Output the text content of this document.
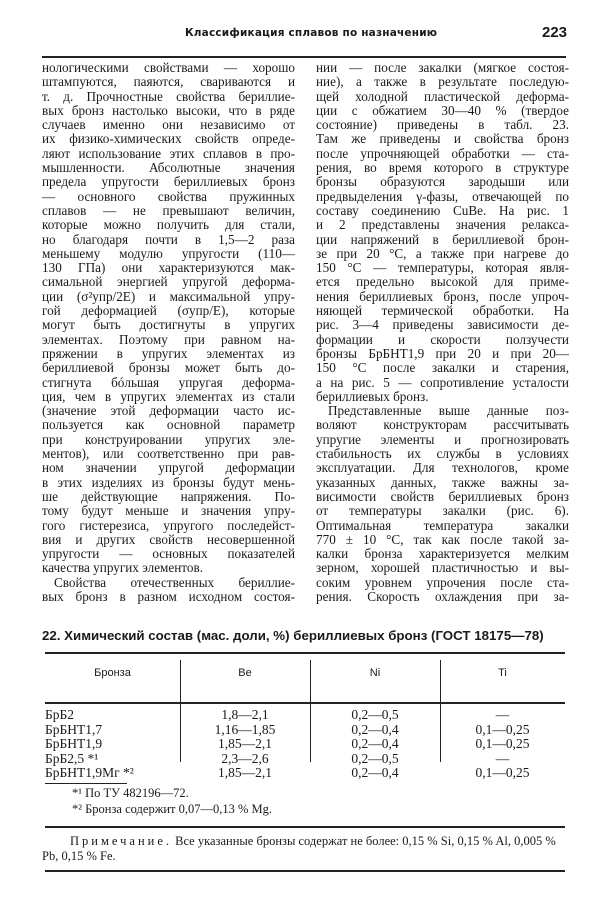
Классификация сплавов по назначению	223
нологическими свойствами — хорошо
штампуются, паяются, свариваются и
т. д. Прочностные свойства бериллие-
вых бронз настолько высоки, что в ряде
случаев именно они независимо от
их физико-химических свойств опреде-
ляют использование этих сплавов в про-
мышленности. Абсолютные значения
предела упругости бериллиевых бронз
— основного свойства пружинных
сплавов — не превышают величин,
которые можно получить для стали,
но благодаря почти в 1,5—2 раза
меньшему модулю упругости (110—
130 ГПа) они характеризуются мак-
симальной энергией упругой деформа-
ции (σ²упр/2E) и максимальной упру-
гой деформацией (σупр/E), которые
могут быть достигнуты в упругих
элементах. Поэтому при равном на-
пряжении в упругих элементах из
бериллиевой бронзы может быть до-
стигнута бóльшая упругая деформа-
ция, чем в упругих элементах из стали
(значение этой деформации часто ис-
пользуется как основной параметр
при конструировании упругих эле-
ментов), или соответственно при рав-
ном значении упругой деформации
в этих изделиях из бронзы будут мень-
ше действующие напряжения. По-
тому будут меньше и значения упру-
гого гистерезиса, упругого последейст-
вия и других свойств несовершенной
упругости — основных показателей
качества упругих элементов.
Свойства отечественных бериллие-
вых бронз в разном исходном состоя-
нии — после закалки (мягкое состоя-
ние), а также в результате последую-
щей холодной пластической деформа-
ции с обжатием 30—40 % (твердое
состояние) приведены в табл. 23.
Там же приведены и свойства бронз
после упрочняющей обработки — ста-
рения, во время которого в структуре
бронзы образуются зародыши или
предвыделения γ-фазы, отвечающей по
составу соединению CuBe. На рис. 1
и 2 представлены значения релакса-
ции напряжений в бериллиевой брон-
зе при 20 °C, а также при нагреве до
150 °C — температуры, которая явля-
ется предельно высокой для приме-
нения бериллиевых бронз, после упроч-
няющей термической обработки. На
рис. 3—4 приведены зависимости де-
формации и скорости ползучести
бронзы БрБНТ1,9 при 20 и при 20—
150 °C после закалки и старения,
а на рис. 5 — сопротивление усталости
бериллиевых бронз.
Представленные выше данные поз-
воляют конструкторам рассчитывать
упругие элементы и прогнозировать
стабильность их службы в условиях
эксплуатации. Для технологов, кроме
указанных данных, также важны за-
висимости свойств бериллиевых бронз
от температуры закалки (рис. 6).
Оптимальная температура закалки
770 ± 10 °C, так как после такой за-
калки бронза характеризуется мелким
зерном, хорошей пластичностью и вы-
соким уровнем упрочения после ста-
рения. Скорость охлаждения при за-
22. Химический состав (мас. доли, %) бериллиевых бронз (ГОСТ 18175—78)
Бронза	Be	Ni	Ti
БрБ2	1,8—2,1	0,2—0,5	—
БрБНТ1,7	1,16—1,85	0,2—0,4	0,1—0,25
БрБНТ1,9	1,85—2,1	0,2—0,4	0,1—0,25
БрБ2,5 *¹	2,3—2,6	0,2—0,5	—
БрБНТ1,9Мг *²	1,85—2,1	0,2—0,4	0,1—0,25
*¹ По ТУ 482196—72.
*² Бронза содержит 0,07—0,13 % Mg.
Примечание. Все указанные бронзы содержат не более: 0,15 % Si, 0,15 % Al, 0,005 % Pb, 0,15 % Fe.
